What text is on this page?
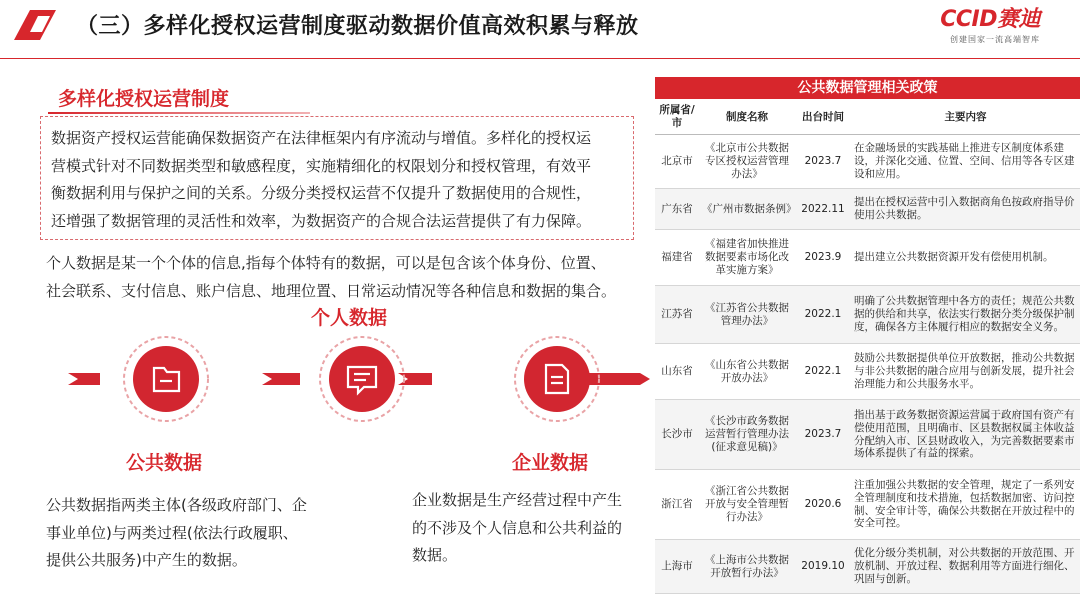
（三）多样化授权运营制度驱动数据价值高效积累与释放	CCID赛迪
创建国家一流高端智库
多样化授权运营制度
数据资产授权运营能确保数据资产在法律框架内有序流动与增值。多样化的授权运
营模式针对不同数据类型和敏感程度，实施精细化的权限划分和授权管理，有效平
衡数据利用与保护之间的关系。分级分类授权运营不仅提升了数据使用的合规性，
还增强了数据管理的灵活性和效率，为数据资产的合规合法运营提供了有力保障。
个人数据是某一个个体的信息,指每个体特有的数据，可以是包含该个体身份、位置、
社会联系、支付信息、账户信息、地理位置、日常运动情况等各种信息和数据的集合。
个人数据
公共数据
公共数据指两类主体(各级政府部门、企
事业单位)与两类过程(依法行政履职、
提供公共服务)中产生的数据。
企业数据
企业数据是生产经营过程中产生
的不涉及个人信息和公共利益的
数据。
公共数据管理相关政策
所属省/市	制度名称	出台时间	主要内容
北京市	《北京市公共数据专区授权运营管理办法》	2023.7	在金融场景的实践基础上推进专区制度体系建设，并深化交通、位置、空间、信用等各专区建设和应用。
广东省	《广州市数据条例》	2022.11	提出在授权运营中引入数据商角色按政府指导价使用公共数据。
福建省	《福建省加快推进数据要素市场化改革实施方案》	2023.9	提出建立公共数据资源开发有偿使用机制。
江苏省	《江苏省公共数据管理办法》	2022.1	明确了公共数据管理中各方的责任；规范公共数据的供给和共享，依法实行数据分类分级保护制度，确保各方主体履行相应的数据安全义务。
山东省	《山东省公共数据开放办法》	2022.1	鼓励公共数据提供单位开放数据，推动公共数据与非公共数据的融合应用与创新发展，提升社会治理能力和公共服务水平。
长沙市	《长沙市政务数据运营暂行管理办法(征求意见稿)》	2023.7	指出基于政务数据资源运营属于政府国有资产有偿使用范围，且明确市、区县数据权属主体收益分配纳入市、区县财政收入，为完善数据要素市场体系提供了有益的探索。
浙江省	《浙江省公共数据开放与安全管理暂行办法》	2020.6	注重加强公共数据的安全管理，规定了一系列安全管理制度和技术措施，包括数据加密、访问控制、安全审计等，确保公共数据在开放过程中的安全可控。
上海市	《上海市公共数据开放暂行办法》	2019.10	优化分级分类机制，对公共数据的开放范围、开放机制、开放过程、数据利用等方面进行细化、巩固与创新。
